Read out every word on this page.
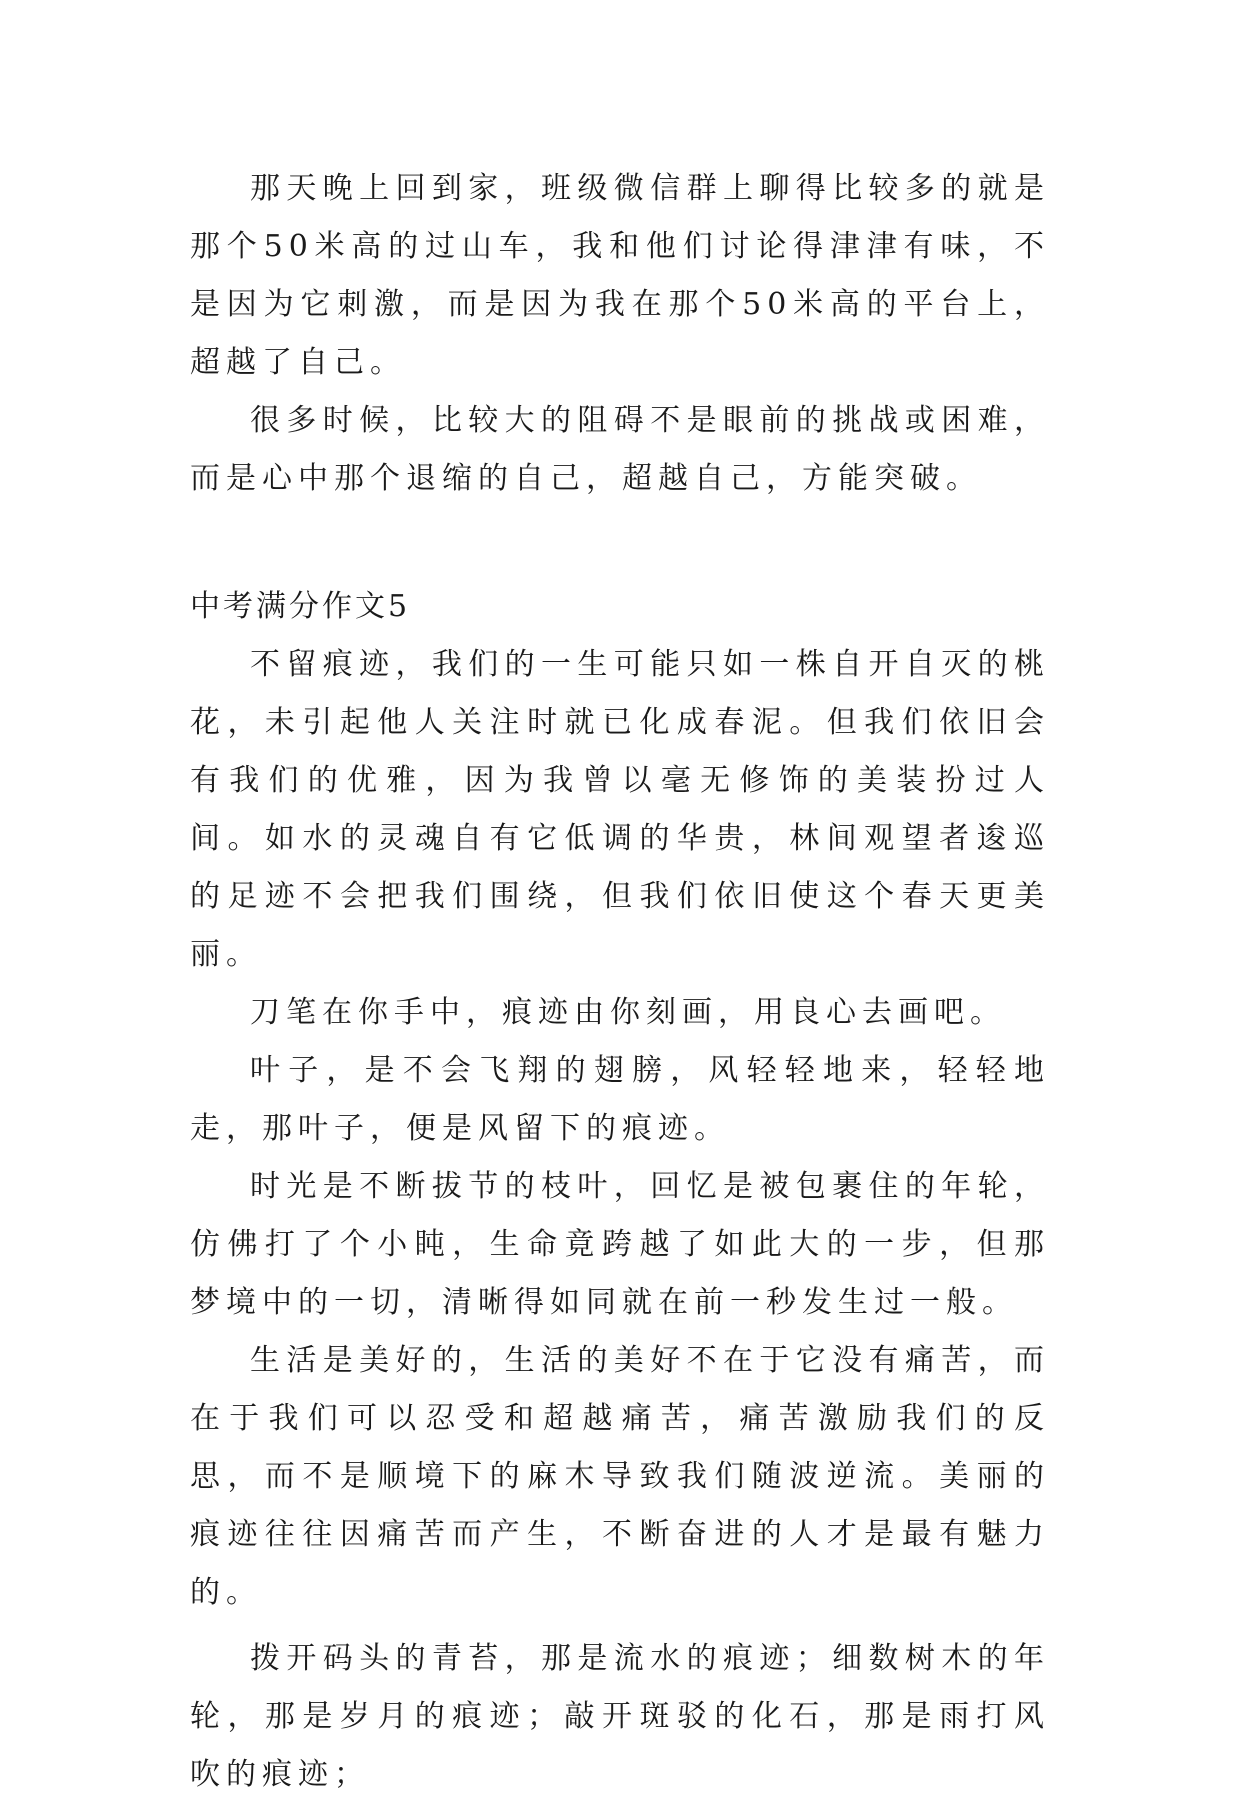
那天晚上回到家，班级微信群上聊得比较多的就是那个50米高的过山车，我和他们讨论得津津有味，不是因为它刺激，而是因为我在那个50米高的平台上，超越了自己。

很多时候，比较大的阻碍不是眼前的挑战或困难，而是心中那个退缩的自己，超越自己，方能突破。

中考满分作文5

不留痕迹，我们的一生可能只如一株自开自灭的桃花，未引起他人关注时就已化成春泥。但我们依旧会有我们的优雅，因为我曾以毫无修饰的美装扮过人间。如水的灵魂自有它低调的华贵，林间观望者逡巡的足迹不会把我们围绕，但我们依旧使这个春天更美丽。

刀笔在你手中，痕迹由你刻画，用良心去画吧。

叶子，是不会飞翔的翅膀，风轻轻地来，轻轻地走，那叶子，便是风留下的痕迹。

时光是不断拔节的枝叶，回忆是被包裹住的年轮，仿佛打了个小盹，生命竟跨越了如此大的一步，但那梦境中的一切，清晰得如同就在前一秒发生过一般。

生活是美好的，生活的美好不在于它没有痛苦，而在于我们可以忍受和超越痛苦，痛苦激励我们的反思，而不是顺境下的麻木导致我们随波逆流。美丽的痕迹往往因痛苦而产生，不断奋进的人才是最有魅力的。

拨开码头的青苔，那是流水的痕迹；细数树木的年轮，那是岁月的痕迹；敲开斑驳的化石，那是雨打风吹的痕迹；
